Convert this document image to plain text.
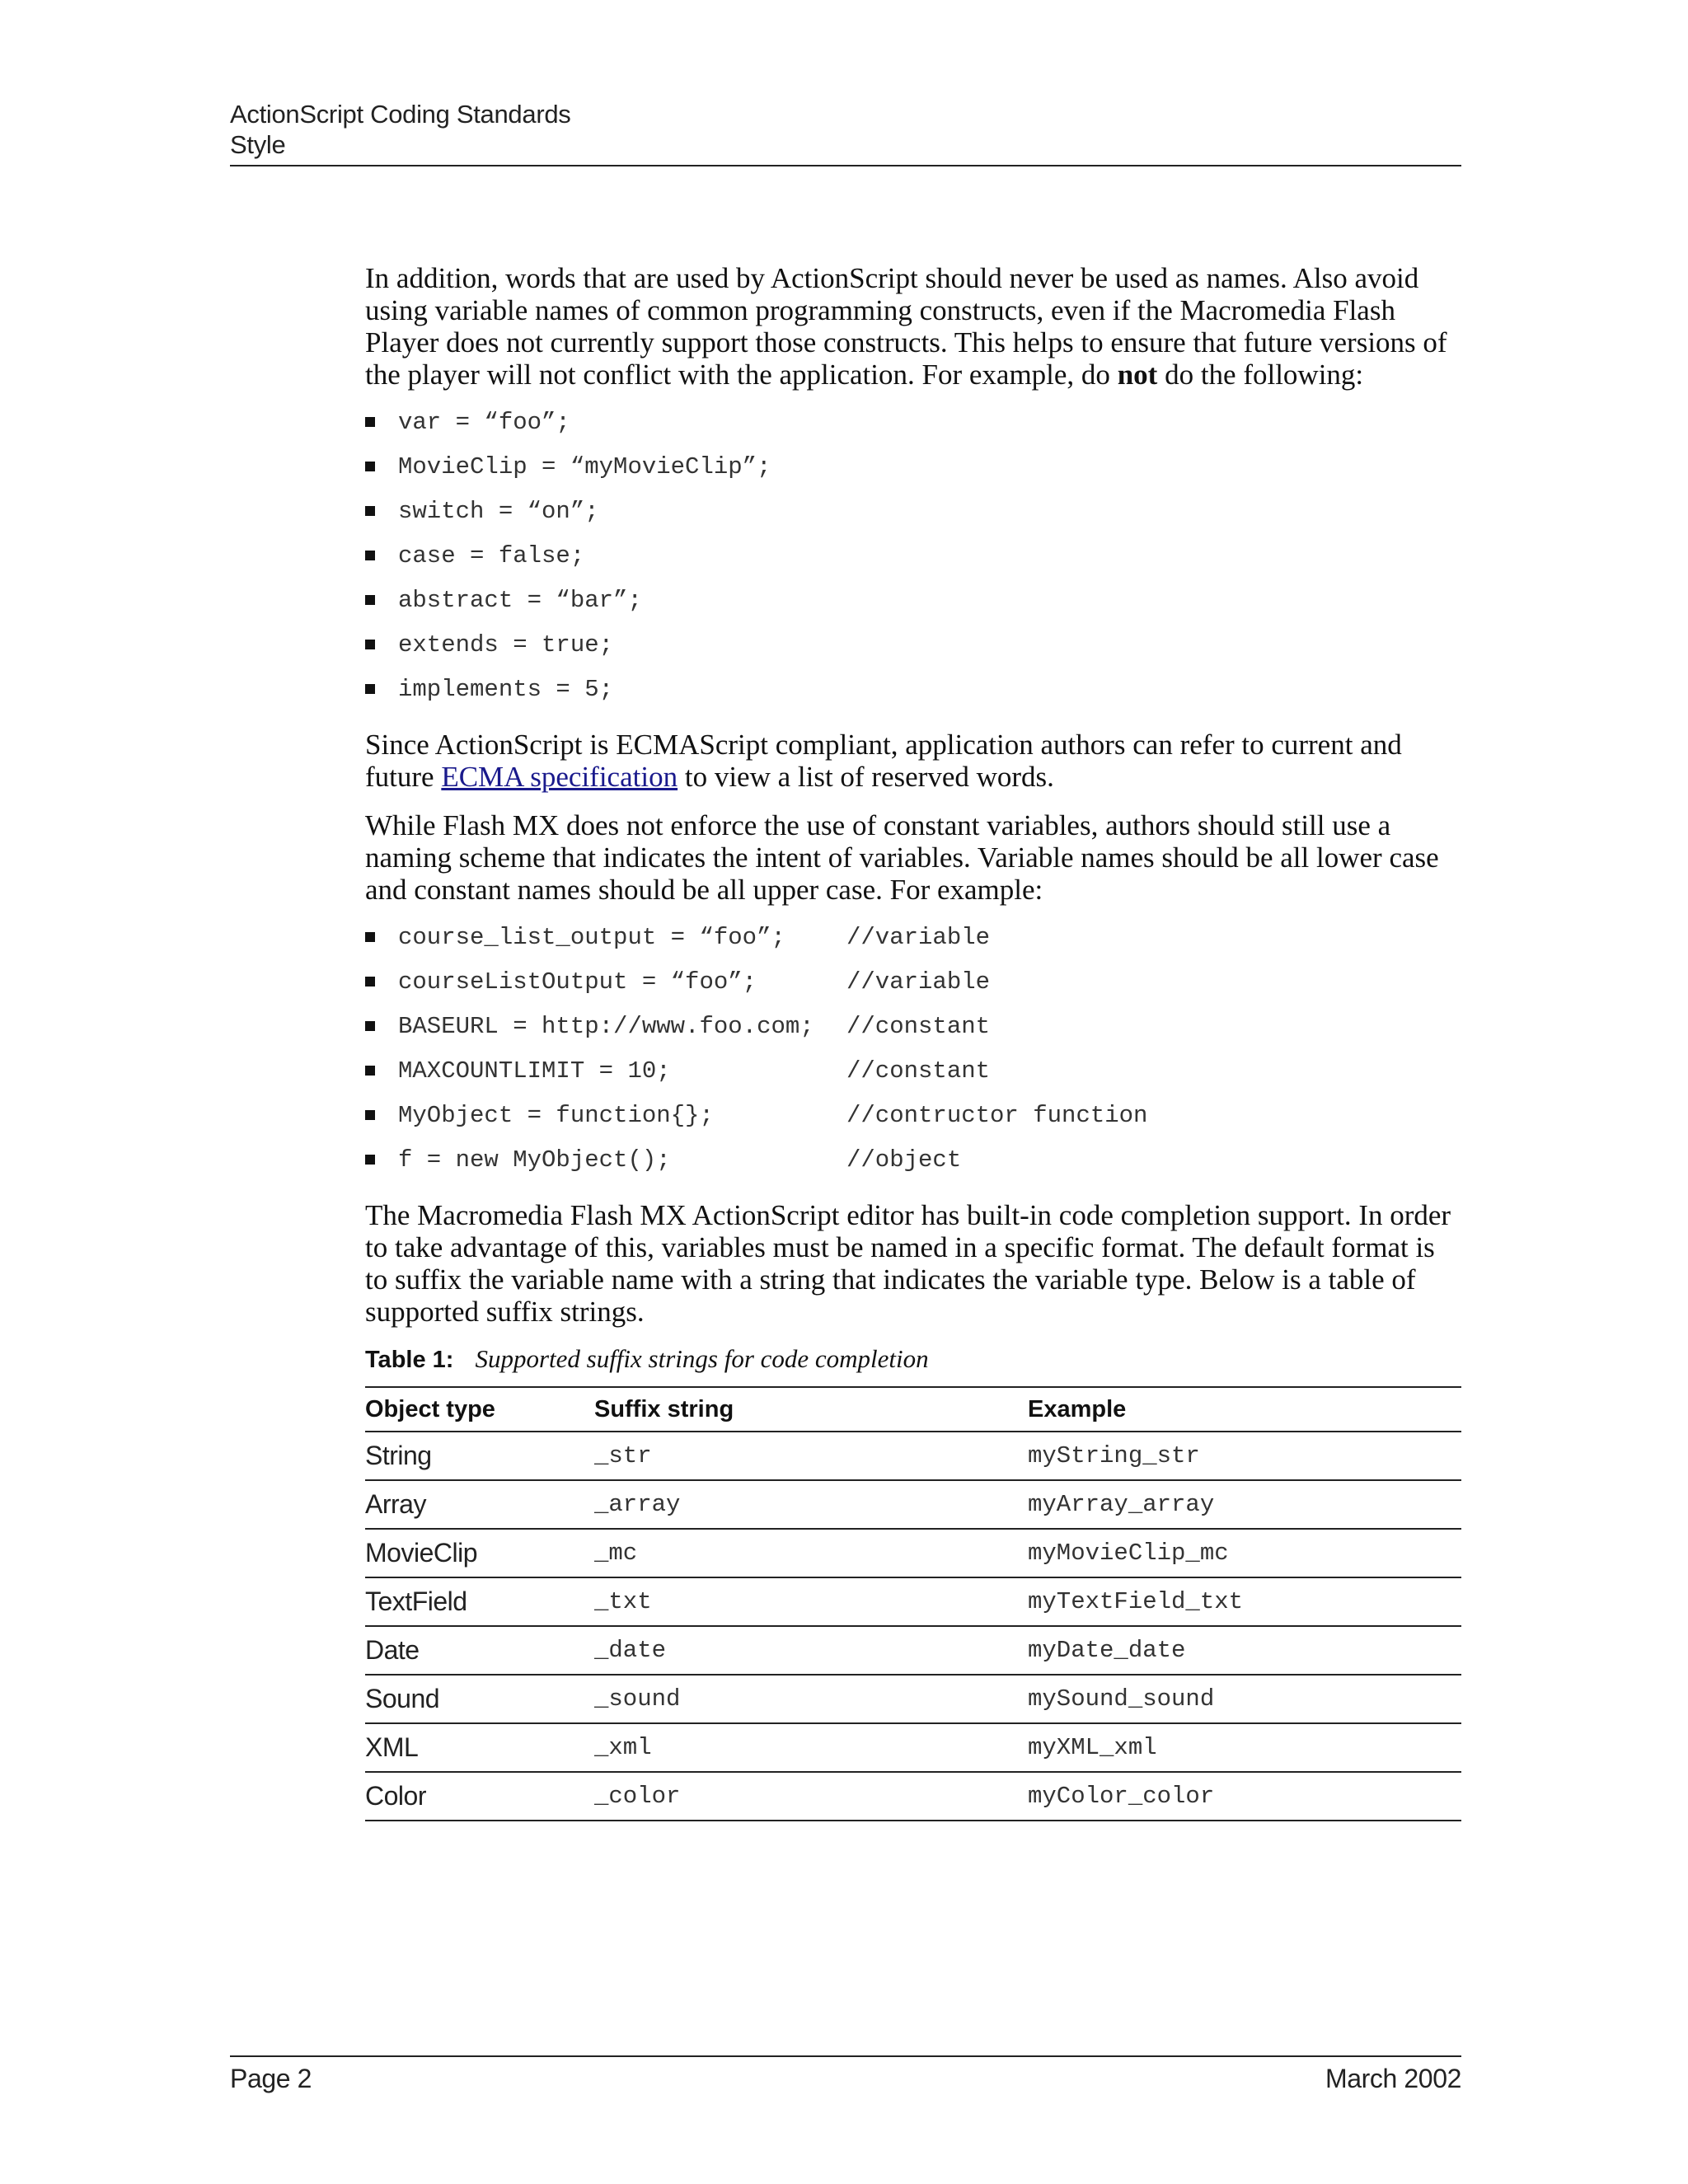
ActionScript Coding Standards
Style

In addition, words that are used by ActionScript should never be used as names. Also avoid using variable names of common programming constructs, even if the Macromedia Flash Player does not currently support those constructs. This helps to ensure that future versions of the player will not conflict with the application. For example, do not do the following:

var = “foo”;
MovieClip = “myMovieClip”;
switch = “on”;
case = false;
abstract = “bar”;
extends = true;
implements = 5;

Since ActionScript is ECMAScript compliant, application authors can refer to current and future ECMA specification to view a list of reserved words.

While Flash MX does not enforce the use of constant variables, authors should still use a naming scheme that indicates the intent of variables. Variable names should be all lower case and constant names should be all upper case. For example:

course_list_output = “foo”;	//variable
courseListOutput = “foo”;	//variable
BASEURL = http://www.foo.com; //constant
MAXCOUNTLIMIT = 10;	//constant
MyObject = function{};	//contructor function
f = new MyObject();	//object

The Macromedia Flash MX ActionScript editor has built-in code completion support. In order to take advantage of this, variables must be named in a specific format. The default format is to suffix the variable name with a string that indicates the variable type. Below is a table of supported suffix strings.

Table 1: Supported suffix strings for code completion
Object type	Suffix string	Example
String	_str	myString_str
Array	_array	myArray_array
MovieClip	_mc	myMovieClip_mc
TextField	_txt	myTextField_txt
Date	_date	myDate_date
Sound	_sound	mySound_sound
XML	_xml	myXML_xml
Color	_color	myColor_color
Page 2	March 2002
